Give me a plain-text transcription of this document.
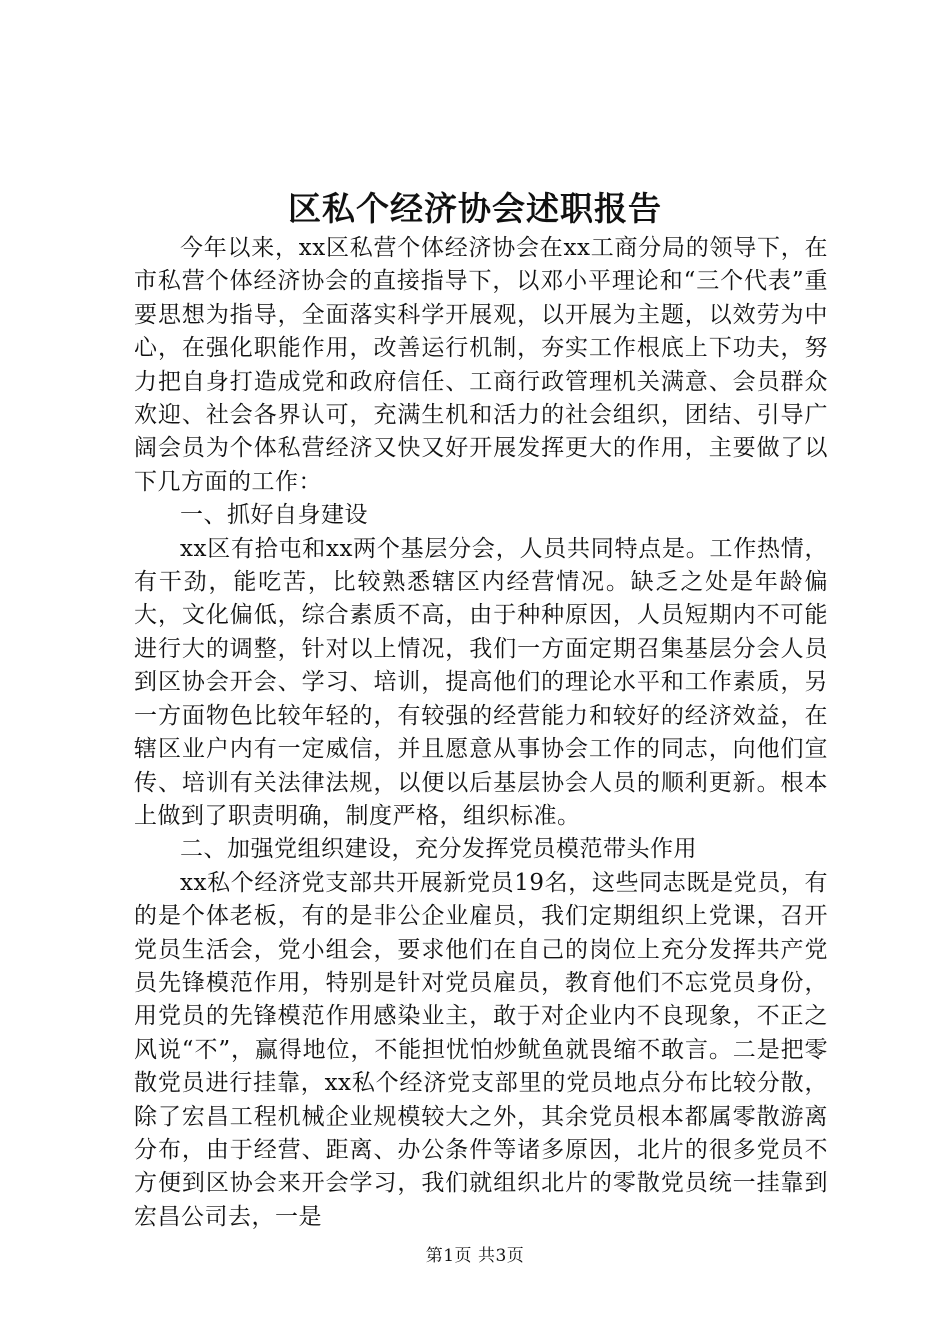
区私个经济协会述职报告

今年以来，xx区私营个体经济协会在xx工商分局的领导下，在市私营个体经济协会的直接指导下，以邓小平理论和“三个代表”重要思想为指导，全面落实科学开展观，以开展为主题，以效劳为中心，在强化职能作用，改善运行机制，夯实工作根底上下功夫，努力把自身打造成党和政府信任、工商行政管理机关满意、会员群众欢迎、社会各界认可，充满生机和活力的社会组织，团结、引导广阔会员为个体私营经济又快又好开展发挥更大的作用，主要做了以下几方面的工作：

一、抓好自身建设

xx区有拾屯和xx两个基层分会，人员共同特点是。工作热情，有干劲，能吃苦，比较熟悉辖区内经营情况。缺乏之处是年龄偏大，文化偏低，综合素质不高，由于种种原因，人员短期内不可能进行大的调整，针对以上情况，我们一方面定期召集基层分会人员到区协会开会、学习、培训，提高他们的理论水平和工作素质，另一方面物色比较年轻的，有较强的经营能力和较好的经济效益，在辖区业户内有一定威信，并且愿意从事协会工作的同志，向他们宣传、培训有关法律法规，以便以后基层协会人员的顺利更新。根本上做到了职责明确，制度严格，组织标准。

二、加强党组织建设，充分发挥党员模范带头作用

xx私个经济党支部共开展新党员19名，这些同志既是党员，有的是个体老板，有的是非公企业雇员，我们定期组织上党课，召开党员生活会，党小组会，要求他们在自己的岗位上充分发挥共产党员先锋模范作用，特别是针对党员雇员，教育他们不忘党员身份，用党员的先锋模范作用感染业主，敢于对企业内不良现象，不正之风说“不”，赢得地位，不能担忧怕炒鱿鱼就畏缩不敢言。二是把零散党员进行挂靠，xx私个经济党支部里的党员地点分布比较分散，除了宏昌工程机械企业规模较大之外，其余党员根本都属零散游离分布，由于经营、距离、办公条件等诸多原因，北片的很多党员不方便到区协会来开会学习，我们就组织北片的零散党员统一挂靠到宏昌公司去，一是

第1页 共3页
